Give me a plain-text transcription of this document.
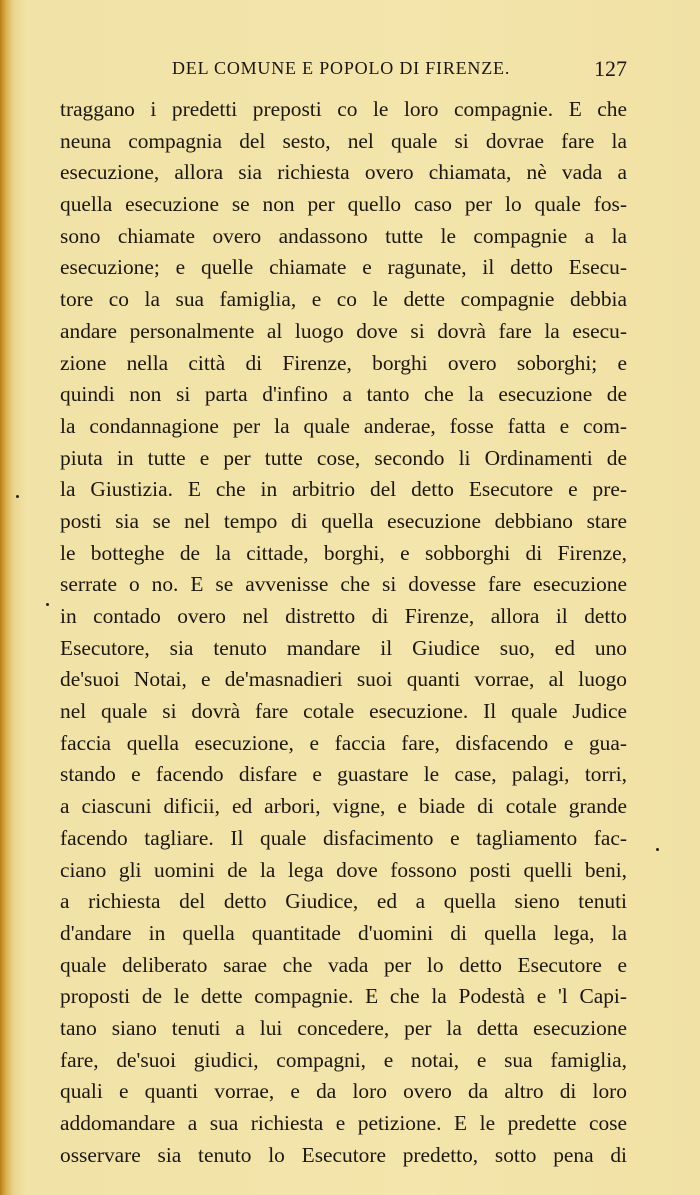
DEL COMUNE E POPOLO DI FIRENZE.	127
traggano i predetti preposti co le loro compagnie. E che
neuna compagnia del sesto, nel quale si dovrae fare la
esecuzione, allora sia richiesta overo chiamata, nè vada a
quella esecuzione se non per quello caso per lo quale fos-
sono chiamate overo andassono tutte le compagnie a la
esecuzione; e quelle chiamate e ragunate, il detto Esecu-
tore co la sua famiglia, e co le dette compagnie debbia
andare personalmente al luogo dove si dovrà fare la esecu-
zione nella città di Firenze, borghi overo soborghi; e
quindi non si parta d'infino a tanto che la esecuzione de
la condannagione per la quale anderae, fosse fatta e com-
piuta in tutte e per tutte cose, secondo li Ordinamenti de
la Giustizia. E che in arbitrio del detto Esecutore e pre-
posti sia se nel tempo di quella esecuzione debbiano stare
le botteghe de la cittade, borghi, e sobborghi di Firenze,
serrate o no. E se avvenisse che si dovesse fare esecuzione
in contado overo nel distretto di Firenze, allora il detto
Esecutore, sia tenuto mandare il Giudice suo, ed uno
de'suoi Notai, e de'masnadieri suoi quanti vorrae, al luogo
nel quale si dovrà fare cotale esecuzione. Il quale Judice
faccia quella esecuzione, e faccia fare, disfacendo e gua-
stando e facendo disfare e guastare le case, palagi, torri,
a ciascuni dificii, ed arbori, vigne, e biade di cotale grande
facendo tagliare. Il quale disfacimento e tagliamento fac-
ciano gli uomini de la lega dove fossono posti quelli beni,
a richiesta del detto Giudice, ed a quella sieno tenuti
d'andare in quella quantitade d'uomini di quella lega, la
quale deliberato sarae che vada per lo detto Esecutore e
proposti de le dette compagnie. E che la Podestà e 'l Capi-
tano siano tenuti a lui concedere, per la detta esecuzione
fare, de'suoi giudici, compagni, e notai, e sua famiglia,
quali e quanti vorrae, e da loro overo da altro di loro
addomandare a sua richiesta e petizione. E le predette cose
osservare sia tenuto lo Esecutore predetto, sotto pena di
